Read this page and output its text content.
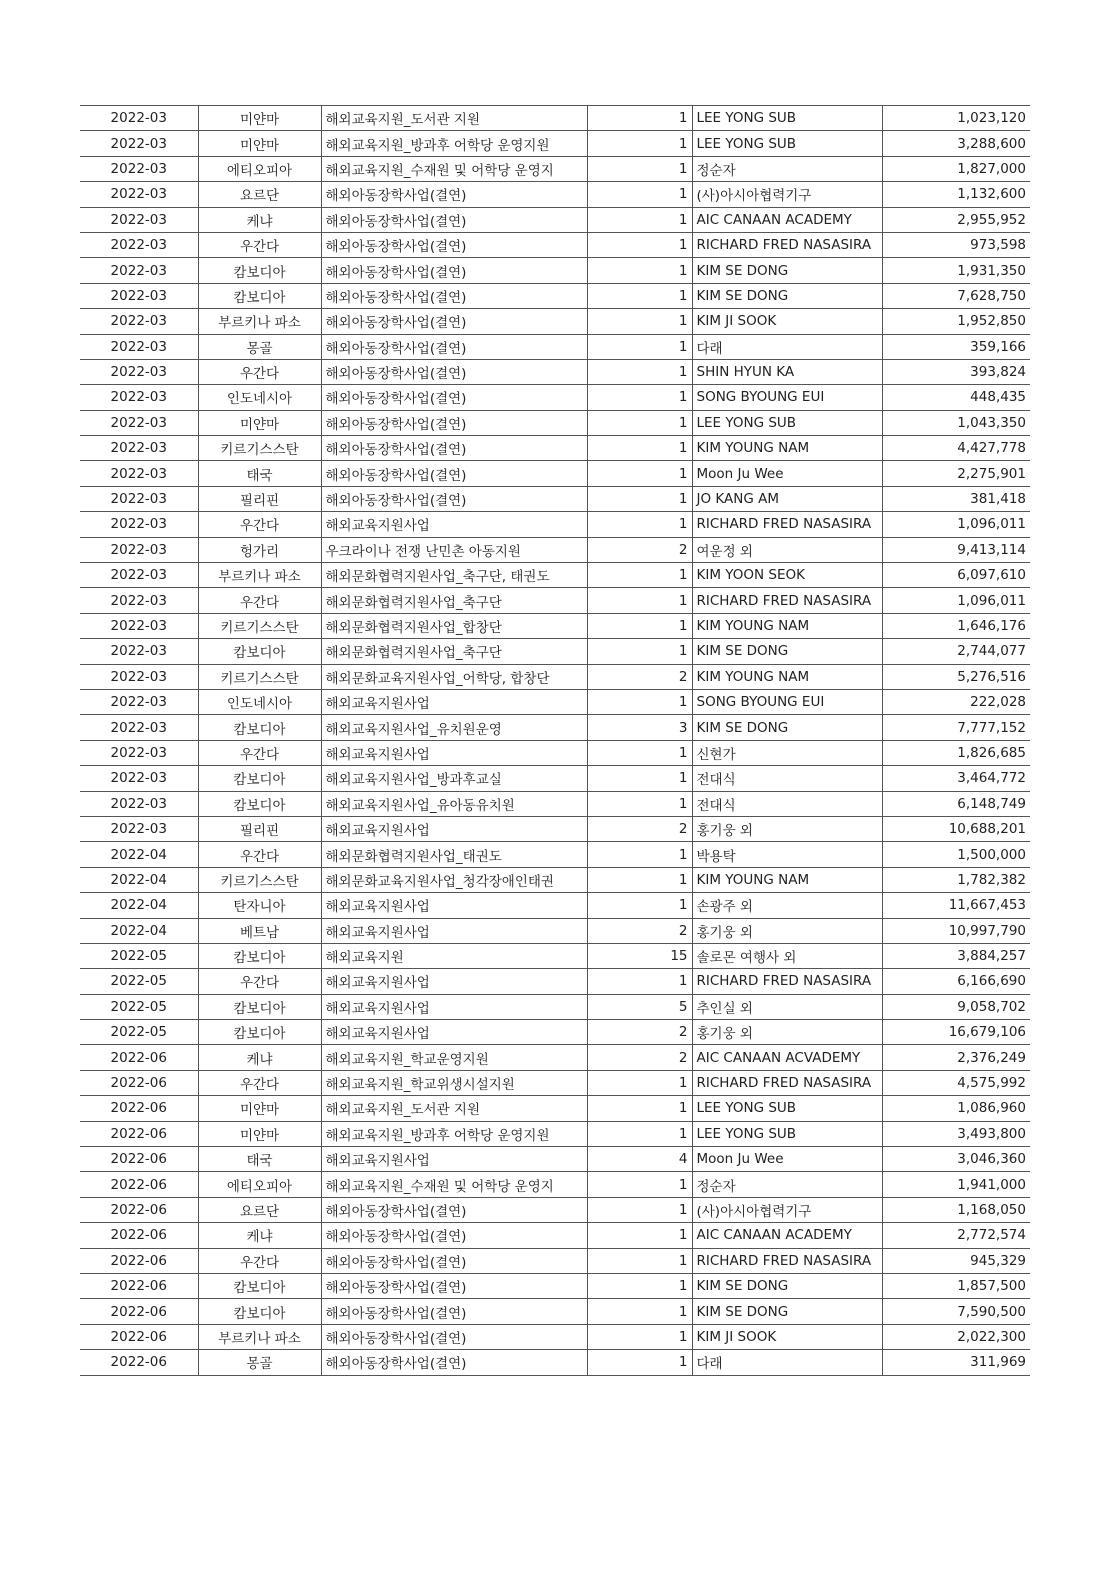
2022-03	미얀마	해외교육지원_도서관 지원	1	LEE YONG SUB	1,023,120
2022-03	미얀마	해외교육지원_방과후 어학당 운영지원	1	LEE YONG SUB	3,288,600
2022-03	에티오피아	해외교육지원_수재원 및 어학당 운영지	1	정순자	1,827,000
2022-03	요르단	해외아동장학사업(결연)	1	(사)아시아협력기구	1,132,600
2022-03	케냐	해외아동장학사업(결연)	1	AIC CANAAN ACADEMY	2,955,952
2022-03	우간다	해외아동장학사업(결연)	1	RICHARD FRED NASASIRA	973,598
2022-03	캄보디아	해외아동장학사업(결연)	1	KIM SE DONG	1,931,350
2022-03	캄보디아	해외아동장학사업(결연)	1	KIM SE DONG	7,628,750
2022-03	부르키나 파소	해외아동장학사업(결연)	1	KIM JI SOOK	1,952,850
2022-03	몽골	해외아동장학사업(결연)	1	다래	359,166
2022-03	우간다	해외아동장학사업(결연)	1	SHIN HYUN KA	393,824
2022-03	인도네시아	해외아동장학사업(결연)	1	SONG BYOUNG EUI	448,435
2022-03	미얀마	해외아동장학사업(결연)	1	LEE YONG SUB	1,043,350
2022-03	키르기스스탄	해외아동장학사업(결연)	1	KIM YOUNG NAM	4,427,778
2022-03	태국	해외아동장학사업(결연)	1	Moon Ju Wee	2,275,901
2022-03	필리핀	해외아동장학사업(결연)	1	JO KANG AM	381,418
2022-03	우간다	해외교육지원사업	1	RICHARD FRED NASASIRA	1,096,011
2022-03	헝가리	우크라이나 전쟁 난민촌 아동지원	2	여운정 외	9,413,114
2022-03	부르키나 파소	해외문화협력지원사업_축구단, 태권도	1	KIM YOON SEOK	6,097,610
2022-03	우간다	해외문화협력지원사업_축구단	1	RICHARD FRED NASASIRA	1,096,011
2022-03	키르기스스탄	해외문화협력지원사업_합창단	1	KIM YOUNG NAM	1,646,176
2022-03	캄보디아	해외문화협력지원사업_축구단	1	KIM SE DONG	2,744,077
2022-03	키르기스스탄	해외문화교육지원사업_어학당, 합창단	2	KIM YOUNG NAM	5,276,516
2022-03	인도네시아	해외교육지원사업	1	SONG BYOUNG EUI	222,028
2022-03	캄보디아	해외교육지원사업_유치원운영	3	KIM SE DONG	7,777,152
2022-03	우간다	해외교육지원사업	1	신현가	1,826,685
2022-03	캄보디아	해외교육지원사업_방과후교실	1	전대식	3,464,772
2022-03	캄보디아	해외교육지원사업_유아동유치원	1	전대식	6,148,749
2022-03	필리핀	해외교육지원사업	2	홍기웅 외	10,688,201
2022-04	우간다	해외문화협력지원사업_태권도	1	박용탁	1,500,000
2022-04	키르기스스탄	해외문화교육지원사업_청각장애인태권	1	KIM YOUNG NAM	1,782,382
2022-04	탄자니아	해외교육지원사업	1	손광주 외	11,667,453
2022-04	베트남	해외교육지원사업	2	홍기웅 외	10,997,790
2022-05	캄보디아	해외교육지원	15	솔로몬 여행사 외	3,884,257
2022-05	우간다	해외교육지원사업	1	RICHARD FRED NASASIRA	6,166,690
2022-05	캄보디아	해외교육지원사업	5	추인실 외	9,058,702
2022-05	캄보디아	해외교육지원사업	2	홍기웅 외	16,679,106
2022-06	케냐	해외교육지원_학교운영지원	2	AIC CANAAN ACVADEMY	2,376,249
2022-06	우간다	해외교육지원_학교위생시설지원	1	RICHARD FRED NASASIRA	4,575,992
2022-06	미얀마	해외교육지원_도서관 지원	1	LEE YONG SUB	1,086,960
2022-06	미얀마	해외교육지원_방과후 어학당 운영지원	1	LEE YONG SUB	3,493,800
2022-06	태국	해외교육지원사업	4	Moon Ju Wee	3,046,360
2022-06	에티오피아	해외교육지원_수재원 및 어학당 운영지	1	정순자	1,941,000
2022-06	요르단	해외아동장학사업(결연)	1	(사)아시아협력기구	1,168,050
2022-06	케냐	해외아동장학사업(결연)	1	AIC CANAAN ACADEMY	2,772,574
2022-06	우간다	해외아동장학사업(결연)	1	RICHARD FRED NASASIRA	945,329
2022-06	캄보디아	해외아동장학사업(결연)	1	KIM SE DONG	1,857,500
2022-06	캄보디아	해외아동장학사업(결연)	1	KIM SE DONG	7,590,500
2022-06	부르키나 파소	해외아동장학사업(결연)	1	KIM JI SOOK	2,022,300
2022-06	몽골	해외아동장학사업(결연)	1	다래	311,969
